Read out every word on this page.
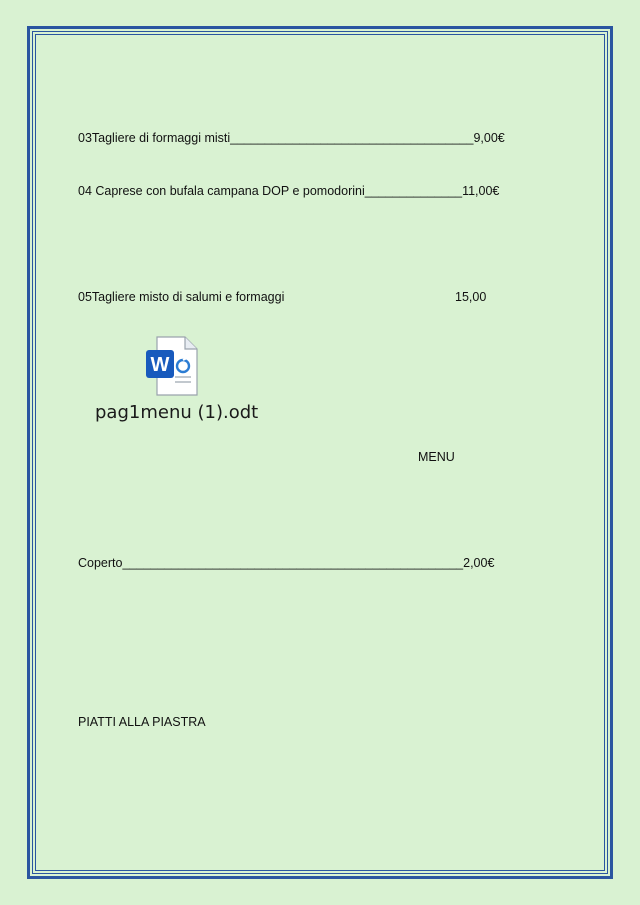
03Tagliere di formaggi misti___________________________________9,00€
04 Caprese con bufala campana DOP e pomodorini______________11,00€
05Tagliere misto di salumi e formaggi	15,00
W
pag1menu (1).odt
MENU
Coperto_________________________________________________2,00€
PIATTI ALLA PIASTRA
